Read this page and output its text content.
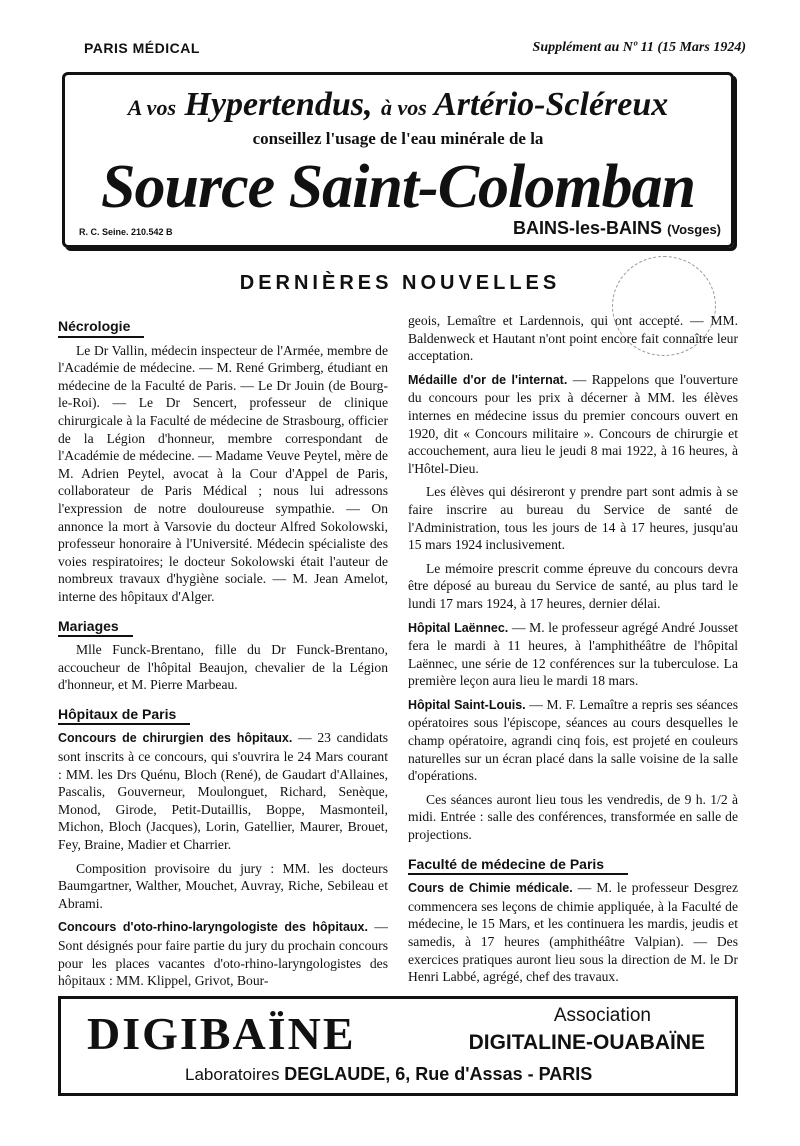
PARIS MÉDICAL	Supplément au Nº 11 (15 Mars 1924)
A vos Hypertendus, à vos Artério-Scléreux
conseillez l'usage de l'eau minérale de la
Source Saint-Colomban
R. C. Seine. 210.542 B	BAINS-les-BAINS (Vosges)
DERNIÈRES NOUVELLES
Nécrologie

Le Dr Vallin, médecin inspecteur de l'Armée, membre de l'Académie de médecine. — M. René Grimberg, étudiant en médecine de la Faculté de Paris. — Le Dr Jouin (de Bourg-le-Roi). — Le Dr Sencert, professeur de clinique chirurgicale à la Faculté de médecine de Strasbourg, officier de la Légion d'honneur, membre correspondant de l'Académie de médecine. — Madame Veuve Peytel, mère de M. Adrien Peytel, avocat à la Cour d'Appel de Paris, collaborateur de Paris Médical ; nous lui adressons l'expression de notre douloureuse sympathie. — On annonce la mort à Varsovie du docteur Alfred Sokolowski, professeur honoraire à l'Université. Médecin spécialiste des voies respiratoires; le docteur Sokolowski était l'auteur de nombreux travaux d'hygiène sociale. — M. Jean Amelot, interne des hôpitaux d'Alger.

Mariages

Mlle Funck-Brentano, fille du Dr Funck-Brentano, accoucheur de l'hôpital Beaujon, chevalier de la Légion d'honneur, et M. Pierre Marbeau.

Hôpitaux de Paris

Concours de chirurgien des hôpitaux. — 23 candidats sont inscrits à ce concours, qui s'ouvrira le 24 Mars courant : MM. les Drs Quénu, Bloch (René), de Gaudart d'Allaines, Pascalis, Gouverneur, Moulonguet, Richard, Senèque, Monod, Girode, Petit-Dutaillis, Boppe, Masmonteil, Michon, Bloch (Jacques), Lorin, Gatellier, Maurer, Brouet, Fey, Braine, Madier et Charrier.

Composition provisoire du jury : MM. les docteurs Baumgartner, Walther, Mouchet, Auvray, Riche, Sebileau et Abrami.

Concours d'oto-rhino-laryngologiste des hôpitaux. — Sont désignés pour faire partie du jury du prochain concours pour les places vacantes d'oto-rhino-laryngologistes des hôpitaux : MM. Klippel, Grivot, Bour-

geois, Lemaître et Lardennois, qui ont accepté. — MM. Baldenweck et Hautant n'ont point encore fait connaître leur acceptation.

Médaille d'or de l'internat. — Rappelons que l'ouverture du concours pour les prix à décerner à MM. les élèves internes en médecine issus du premier concours ouvert en 1920, dit « Concours militaire ». Concours de chirurgie et accouchement, aura lieu le jeudi 8 mai 1922, à 16 heures, à l'Hôtel-Dieu.

Les élèves qui désireront y prendre part sont admis à se faire inscrire au bureau du Service de santé de l'Administration, tous les jours de 14 à 17 heures, jusqu'au 15 mars 1924 inclusivement.

Le mémoire prescrit comme épreuve du concours devra être déposé au bureau du Service de santé, au plus tard le lundi 17 mars 1924, à 17 heures, dernier délai.

Hôpital Laënnec. — M. le professeur agrégé André Jousset fera le mardi à 11 heures, à l'amphithéâtre de l'hôpital Laënnec, une série de 12 conférences sur la tuberculose. La première leçon aura lieu le mardi 18 mars.

Hôpital Saint-Louis. — M. F. Lemaître a repris ses séances opératoires sous l'épiscope, séances au cours desquelles le champ opératoire, agrandi cinq fois, est projeté en couleurs naturelles sur un écran placé dans la salle voisine de la salle d'opérations.

Ces séances auront lieu tous les vendredis, de 9 h. 1/2 à midi. Entrée : salle des conférences, transformée en salle de projections.

Faculté de médecine de Paris

Cours de Chimie médicale. — M. le professeur Desgrez commencera ses leçons de chimie appliquée, à la Faculté de médecine, le 15 Mars, et les continuera les mardis, jeudis et samedis, à 17 heures (amphithéâtre Valpian). — Des exercices pratiques auront lieu sous la direction de M. le Dr Henri Labbé, agrégé, chef des travaux.

DIGIBAÏNE	Association
DIGITALINE-OUABAÏNE
Laboratoires DEGLAUDE, 6, Rue d'Assas - PARIS
